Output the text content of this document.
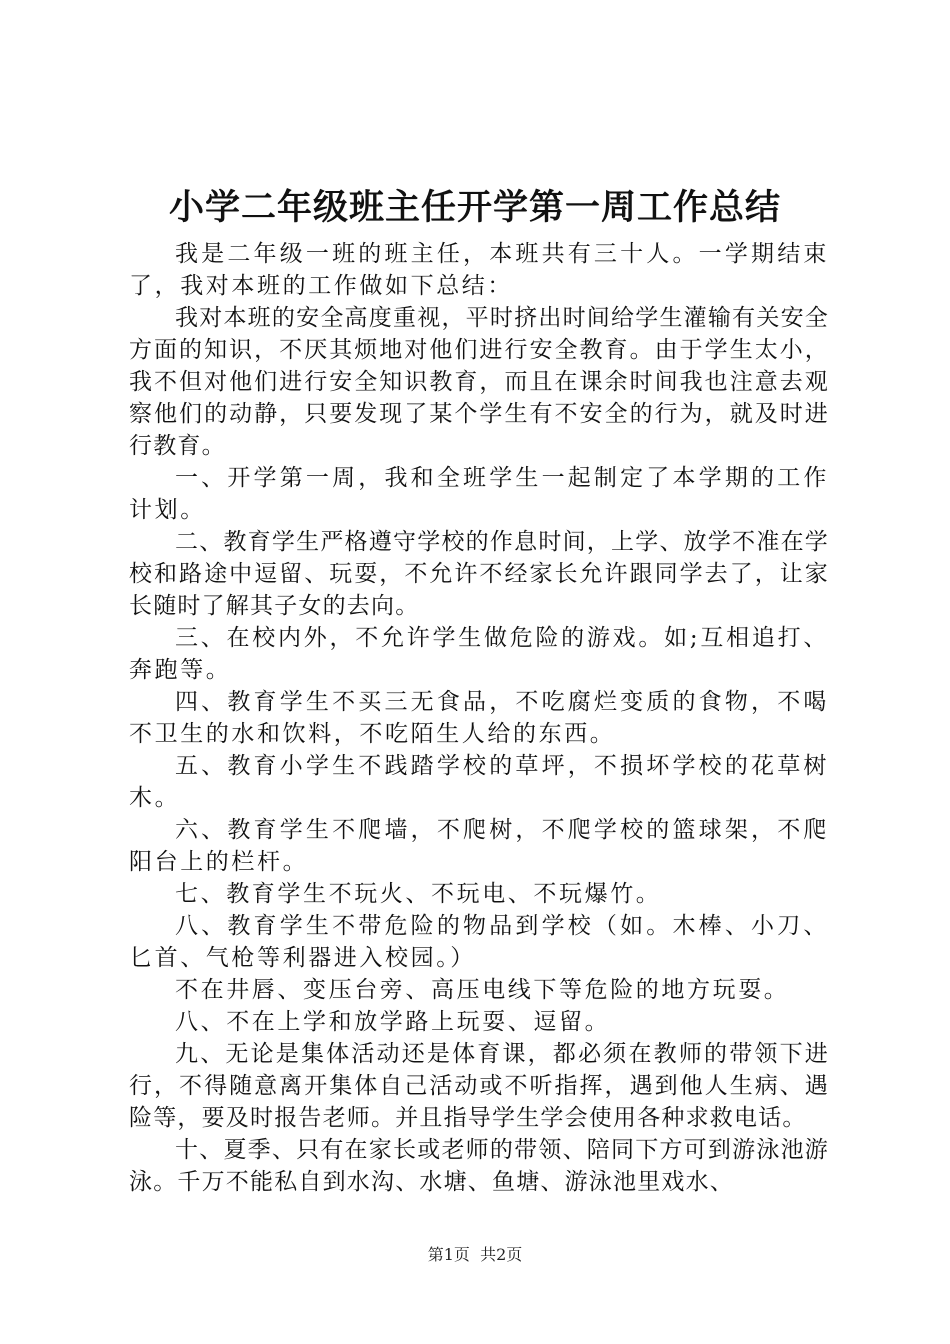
小学二年级班主任开学第一周工作总结

我是二年级一班的班主任，本班共有三十人。一学期结束了，我对本班的工作做如下总结：

我对本班的安全高度重视，平时挤出时间给学生灌输有关安全方面的知识，不厌其烦地对他们进行安全教育。由于学生太小，我不但对他们进行安全知识教育，而且在课余时间我也注意去观察他们的动静，只要发现了某个学生有不安全的行为，就及时进行教育。

一、开学第一周，我和全班学生一起制定了本学期的工作计划。

二、教育学生严格遵守学校的作息时间，上学、放学不准在学校和路途中逗留、玩耍，不允许不经家长允许跟同学去了，让家长随时了解其子女的去向。

三、在校内外，不允许学生做危险的游戏。如;互相追打、奔跑等。

四、教育学生不买三无食品，不吃腐烂变质的食物，不喝不卫生的水和饮料，不吃陌生人给的东西。

五、教育小学生不践踏学校的草坪，不损坏学校的花草树木。

六、教育学生不爬墙，不爬树，不爬学校的篮球架，不爬阳台上的栏杆。

七、教育学生不玩火、不玩电、不玩爆竹。

八、教育学生不带危险的物品到学校（如。木棒、小刀、匕首、气枪等利器进入校园。）

不在井唇、变压台旁、高压电线下等危险的地方玩耍。

八、不在上学和放学路上玩耍、逗留。

九、无论是集体活动还是体育课，都必须在教师的带领下进行，不得随意离开集体自己活动或不听指挥，遇到他人生病、遇险等，要及时报告老师。并且指导学生学会使用各种求救电话。

十、夏季、只有在家长或老师的带领、陪同下方可到游泳池游泳。千万不能私自到水沟、水塘、鱼塘、游泳池里戏水、

第1页 共2页
